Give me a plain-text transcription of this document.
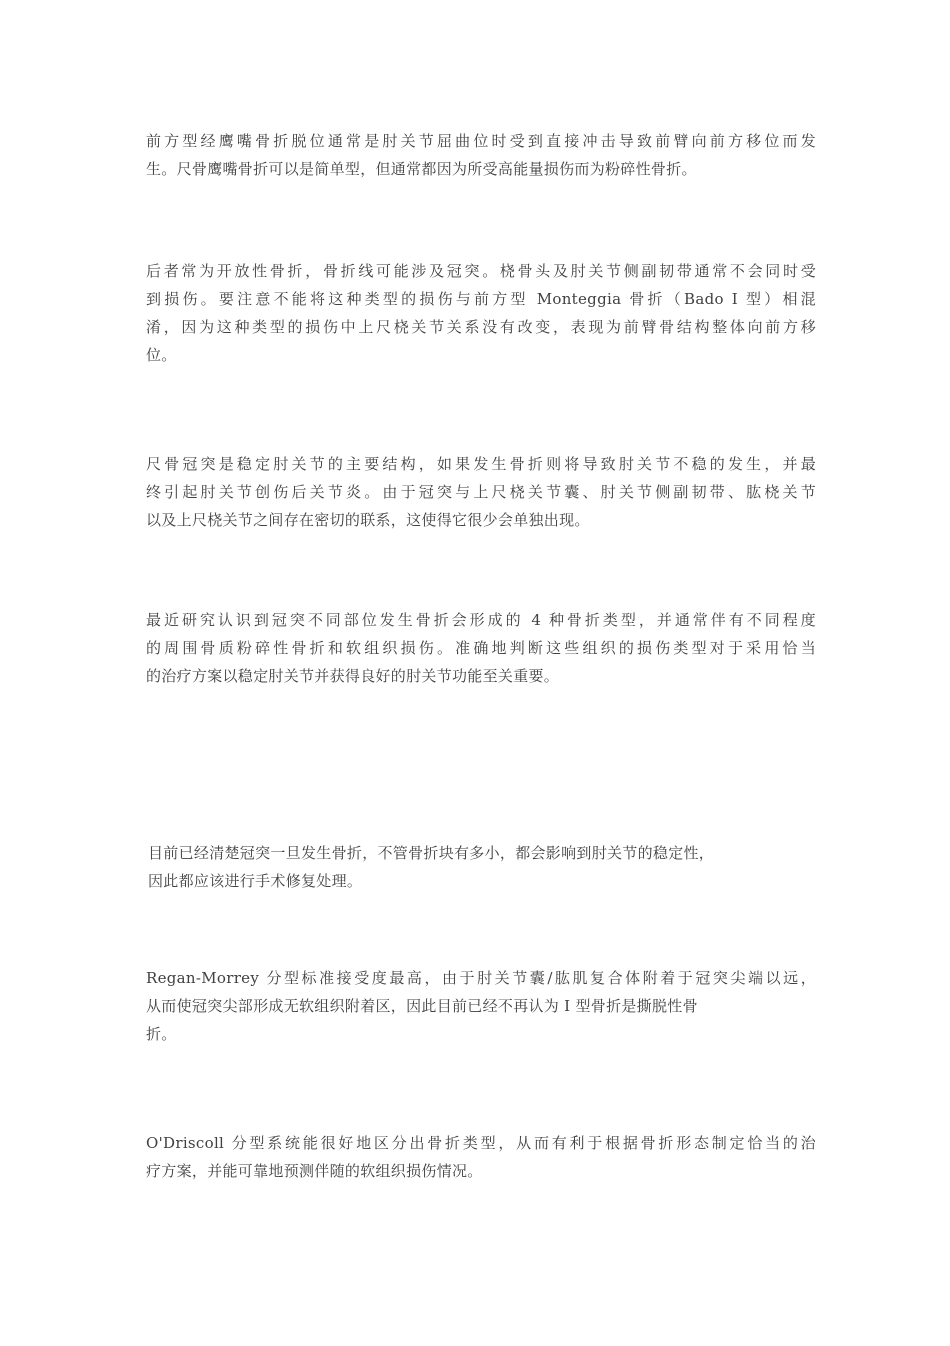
前方型经鹰嘴骨折脱位通常是肘关节屈曲位时受到直接冲击导致前臂向前方移位而发
生。尺骨鹰嘴骨折可以是简单型，但通常都因为所受高能量损伤而为粉碎性骨折。

后者常为开放性骨折，骨折线可能涉及冠突。桡骨头及肘关节侧副韧带通常不会同时受
到损伤。要注意不能将这种类型的损伤与前方型 Monteggia 骨折（Bado I 型）相混
淆，因为这种类型的损伤中上尺桡关节关系没有改变，表现为前臂骨结构整体向前方移
位。

尺骨冠突是稳定肘关节的主要结构，如果发生骨折则将导致肘关节不稳的发生，并最
终引起肘关节创伤后关节炎。由于冠突与上尺桡关节囊、肘关节侧副韧带、肱桡关节
以及上尺桡关节之间存在密切的联系，这使得它很少会单独出现。

最近研究认识到冠突不同部位发生骨折会形成的 4 种骨折类型，并通常伴有不同程度
的周围骨质粉碎性骨折和软组织损伤。准确地判断这些组织的损伤类型对于采用恰当
的治疗方案以稳定肘关节并获得良好的肘关节功能至关重要。

目前已经清楚冠突一旦发生骨折，不管骨折块有多小，都会影响到肘关节的稳定性，
因此都应该进行手术修复处理。

Regan-Morrey 分型标准接受度最高，由于肘关节囊/肱肌复合体附着于冠突尖端以远，
从而使冠突尖部形成无软组织附着区，因此目前已经不再认为 I 型骨折是撕脱性骨
折。

O'Driscoll 分型系统能很好地区分出骨折类型，从而有利于根据骨折形态制定恰当的治
疗方案，并能可靠地预测伴随的软组织损伤情况。
